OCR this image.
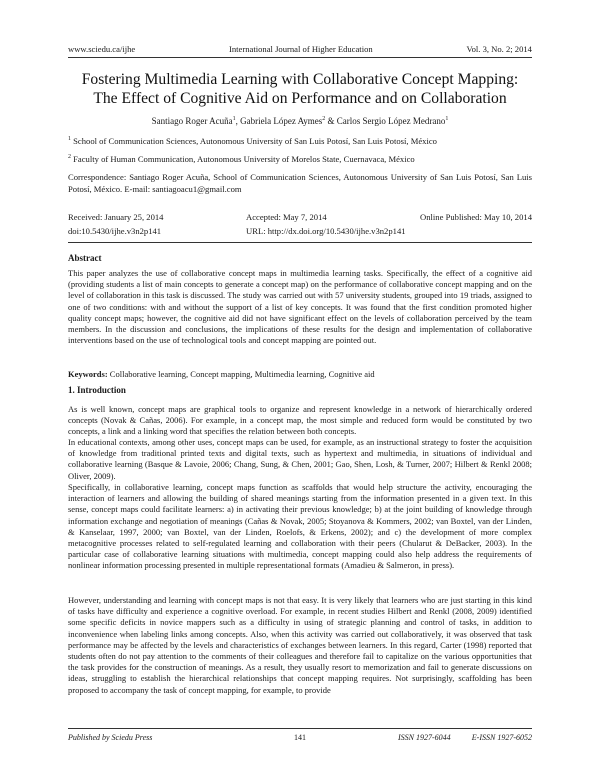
www.sciedu.ca/ijhe	International Journal of Higher Education	Vol. 3, No. 2; 2014
Fostering Multimedia Learning with Collaborative Concept Mapping:
The Effect of Cognitive Aid on Performance and on Collaboration
Santiago Roger Acuña$^1$, Gabriela López Aymes$^2$ & Carlos Sergio López Medrano$^1$
$^1$ School of Communication Sciences, Autonomous University of San Luis Potosí, San Luis Potosí, México
$^2$ Faculty of Human Communication, Autonomous University of Morelos State, Cuernavaca, México
Correspondence: Santiago Roger Acuña, School of Communication Sciences, Autonomous University of San Luis Potosí, San Luis Potosí, México. E-mail: santiagoacu1@gmail.com
Received: January 25, 2014	Accepted: May 7, 2014	Online Published: May 10, 2014
doi:10.5430/ijhe.v3n2p141	URL: http://dx.doi.org/10.5430/ijhe.v3n2p141
Abstract

This paper analyzes the use of collaborative concept maps in multimedia learning tasks. Specifically, the effect of a cognitive aid (providing students a list of main concepts to generate a concept map) on the performance of collaborative concept mapping and on the level of collaboration in this task is discussed. The study was carried out with 57 university students, grouped into 19 triads, assigned to one of two conditions: with and without the support of a list of key concepts. It was found that the first condition promoted higher quality concept maps; however, the cognitive aid did not have significant effect on the levels of collaboration perceived by the team members. In the discussion and conclusions, the implications of these results for the design and implementation of collaborative interventions based on the use of technological tools and concept mapping are pointed out.

Keywords: Collaborative learning, Concept mapping, Multimedia learning, Cognitive aid
1. Introduction

As is well known, concept maps are graphical tools to organize and represent knowledge in a network of hierarchically ordered concepts (Novak & Cañas, 2006). For example, in a concept map, the most simple and reduced form would be constituted by two concepts, a link and a linking word that specifies the relation between both concepts.

In educational contexts, among other uses, concept maps can be used, for example, as an instructional strategy to foster the acquisition of knowledge from traditional printed texts and digital texts, such as hypertext and multimedia, in situations of individual and collaborative learning (Basque & Lavoie, 2006; Chang, Sung, & Chen, 2001; Gao, Shen, Losh, & Turner, 2007; Hilbert & Renkl 2008; Oliver, 2009).

Specifically, in collaborative learning, concept maps function as scaffolds that would help structure the activity, encouraging the interaction of learners and allowing the building of shared meanings starting from the information presented in a given text. In this sense, concept maps could facilitate learners: a) in activating their previous knowledge; b) at the joint building of knowledge through information exchange and negotiation of meanings (Cañas & Novak, 2005; Stoyanova & Kommers, 2002; van Boxtel, van der Linden, & Kanselaar, 1997, 2000; van Boxtel, van der Linden, Roelofs, & Erkens, 2002); and c) the development of more complex metacognitive processes related to self-regulated learning and collaboration with their peers (Chularut & DeBacker, 2003). In the particular case of collaborative learning situations with multimedia, concept mapping could also help address the requirements of nonlinear information processing presented in multiple representational formats (Amadieu & Salmeron, in press).

However, understanding and learning with concept maps is not that easy. It is very likely that learners who are just starting in this kind of tasks have difficulty and experience a cognitive overload. For example, in recent studies Hilbert and Renkl (2008, 2009) identified some specific deficits in novice mappers such as a difficulty in using of strategic planning and control of tasks, in addition to inconvenience when labeling links among concepts. Also, when this activity was carried out collaboratively, it was observed that task performance may be affected by the levels and characteristics of exchanges between learners. In this regard, Carter (1998) reported that students often do not pay attention to the comments of their colleagues and therefore fail to capitalize on the various opportunities that the task provides for the construction of meanings. As a result, they usually resort to memorization and fail to generate discussions on ideas, struggling to establish the hierarchical relationships that concept mapping requires. Not surprisingly, scaffolding has been proposed to accompany the task of concept mapping, for example, to provide

Published by Sciedu Press	141	ISSN 1927-6044	E-ISSN 1927-6052
